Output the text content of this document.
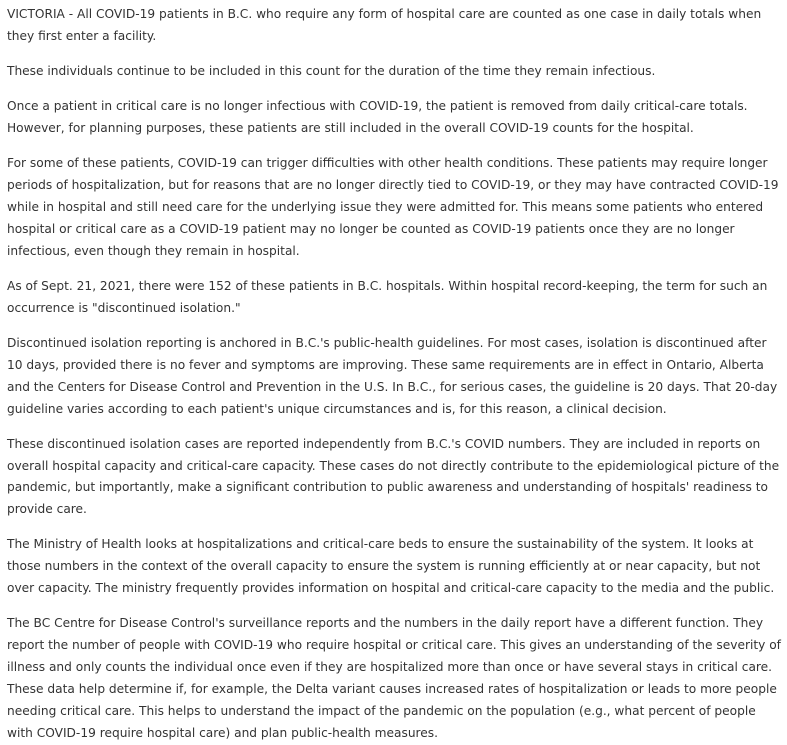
VICTORIA - All COVID-19 patients in B.C. who require any form of hospital care are counted as one case in daily totals when they first enter a facility.

These individuals continue to be included in this count for the duration of the time they remain infectious.

Once a patient in critical care is no longer infectious with COVID-19, the patient is removed from daily critical-care totals. However, for planning purposes, these patients are still included in the overall COVID-19 counts for the hospital.

For some of these patients, COVID-19 can trigger difficulties with other health conditions. These patients may require longer periods of hospitalization, but for reasons that are no longer directly tied to COVID-19, or they may have contracted COVID-19 while in hospital and still need care for the underlying issue they were admitted for. This means some patients who entered hospital or critical care as a COVID-19 patient may no longer be counted as COVID-19 patients once they are no longer infectious, even though they remain in hospital.

As of Sept. 21, 2021, there were 152 of these patients in B.C. hospitals. Within hospital record-keeping, the term for such an occurrence is "discontinued isolation."

Discontinued isolation reporting is anchored in B.C.'s public-health guidelines. For most cases, isolation is discontinued after 10 days, provided there is no fever and symptoms are improving. These same requirements are in effect in Ontario, Alberta and the Centers for Disease Control and Prevention in the U.S. In B.C., for serious cases, the guideline is 20 days. That 20-day guideline varies according to each patient's unique circumstances and is, for this reason, a clinical decision.

These discontinued isolation cases are reported independently from B.C.'s COVID numbers. They are included in reports on overall hospital capacity and critical-care capacity. These cases do not directly contribute to the epidemiological picture of the pandemic, but importantly, make a significant contribution to public awareness and understanding of hospitals' readiness to provide care.

The Ministry of Health looks at hospitalizations and critical-care beds to ensure the sustainability of the system. It looks at those numbers in the context of the overall capacity to ensure the system is running efficiently at or near capacity, but not over capacity. The ministry frequently provides information on hospital and critical-care capacity to the media and the public.

The BC Centre for Disease Control's surveillance reports and the numbers in the daily report have a different function. They report the number of people with COVID-19 who require hospital or critical care. This gives an understanding of the severity of illness and only counts the individual once even if they are hospitalized more than once or have several stays in critical care. These data help determine if, for example, the Delta variant causes increased rates of hospitalization or leads to more people needing critical care. This helps to understand the impact of the pandemic on the population (e.g., what percent of people with COVID-19 require hospital care) and plan public-health measures.
